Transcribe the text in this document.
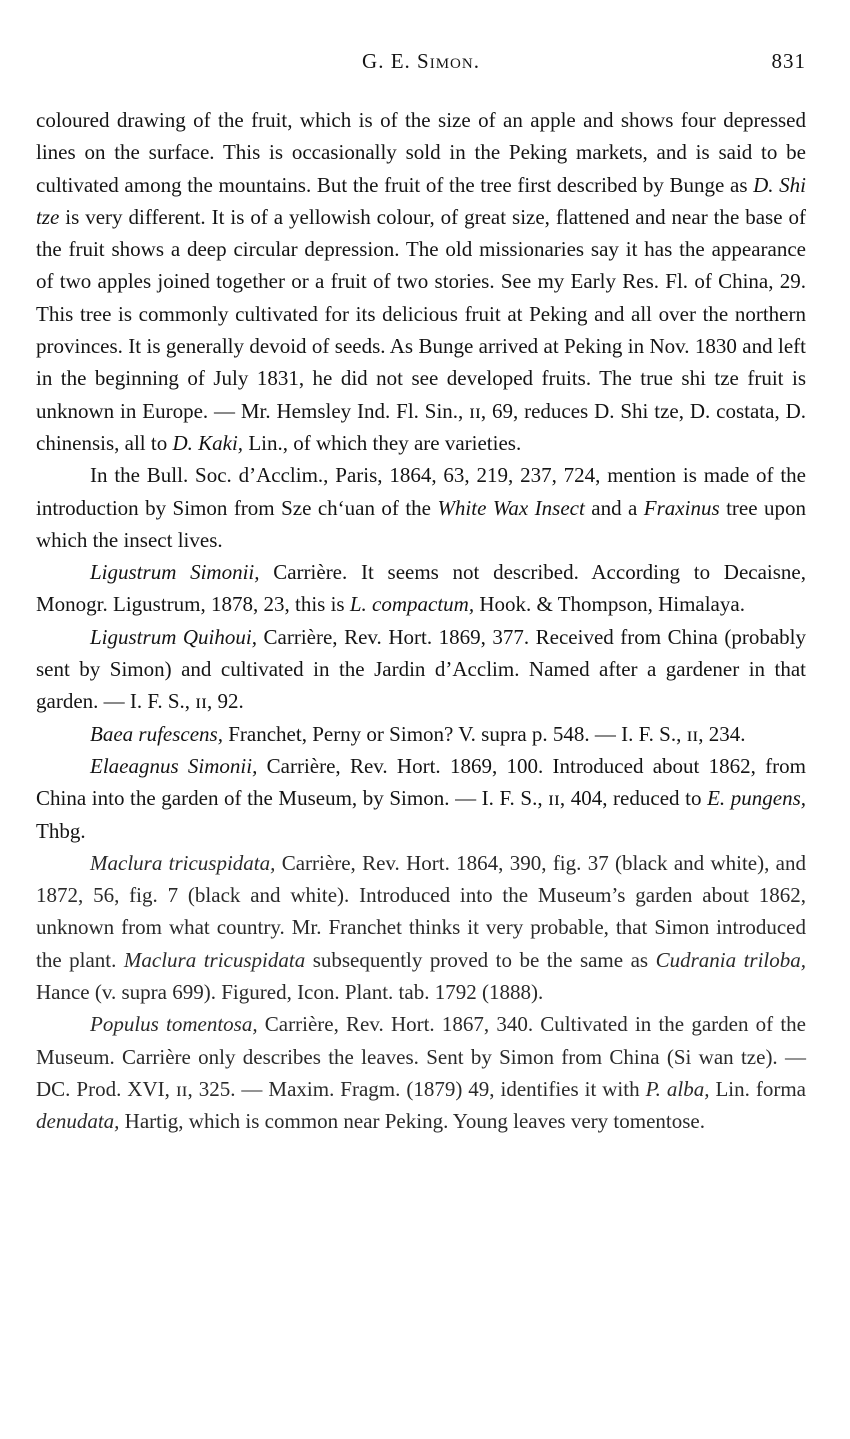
G. E. Simon.	831

coloured drawing of the fruit, which is of the size of an apple and shows four depressed lines on the surface. This is occasionally sold in the Peking markets, and is said to be cultivated among the mountains. But the fruit of the tree first described by Bunge as D. Shi tze is very different. It is of a yellowish colour, of great size, flattened and near the base of the fruit shows a deep circular depression. The old missionaries say it has the appearance of two apples joined together or a fruit of two stories. See my Early Res. Fl. of China, 29. This tree is commonly cultivated for its delicious fruit at Peking and all over the northern provinces. It is generally devoid of seeds. As Bunge arrived at Peking in Nov. 1830 and left in the beginning of July 1831, he did not see developed fruits. The true shi tze fruit is unknown in Europe. — Mr. Hemsley Ind. Fl. Sin., ɪɪ, 69, reduces D. Shi tze, D. costata, D. chinensis, all to D. Kaki, Lin., of which they are varieties.

In the Bull. Soc. d’Acclim., Paris, 1864, 63, 219, 237, 724, mention is made of the introduction by Simon from Sze ch‘uan of the White Wax Insect and a Fraxinus tree upon which the insect lives.

Ligustrum Simonii, Carrière. It seems not described. According to Decaisne, Monogr. Ligustrum, 1878, 23, this is L. compactum, Hook. & Thompson, Himalaya.

Ligustrum Quihoui, Carrière, Rev. Hort. 1869, 377. Received from China (probably sent by Simon) and cultivated in the Jardin d’Acclim. Named after a gardener in that garden. — I. F. S., ɪɪ, 92.

Baea rufescens, Franchet, Perny or Simon? V. supra p. 548. — I. F. S., ɪɪ, 234.

Elaeagnus Simonii, Carrière, Rev. Hort. 1869, 100. Introduced about 1862, from China into the garden of the Museum, by Simon. — I. F. S., ɪɪ, 404, reduced to E. pungens, Thbg.

Maclura tricuspidata, Carrière, Rev. Hort. 1864, 390, fig. 37 (black and white), and 1872, 56, fig. 7 (black and white). Introduced into the Museum’s garden about 1862, unknown from what country. Mr. Franchet thinks it very probable, that Simon introduced the plant. Maclura tricuspidata subsequently proved to be the same as Cudrania triloba, Hance (v. supra 699). Figured, Icon. Plant. tab. 1792 (1888).

Populus tomentosa, Carrière, Rev. Hort. 1867, 340. Cultivated in the garden of the Museum. Carrière only describes the leaves. Sent by Simon from China (Si wan tze). — DC. Prod. XVI, ɪɪ, 325. — Maxim. Fragm. (1879) 49, identifies it with P. alba, Lin. forma denudata, Hartig, which is common near Peking. Young leaves very tomentose.
